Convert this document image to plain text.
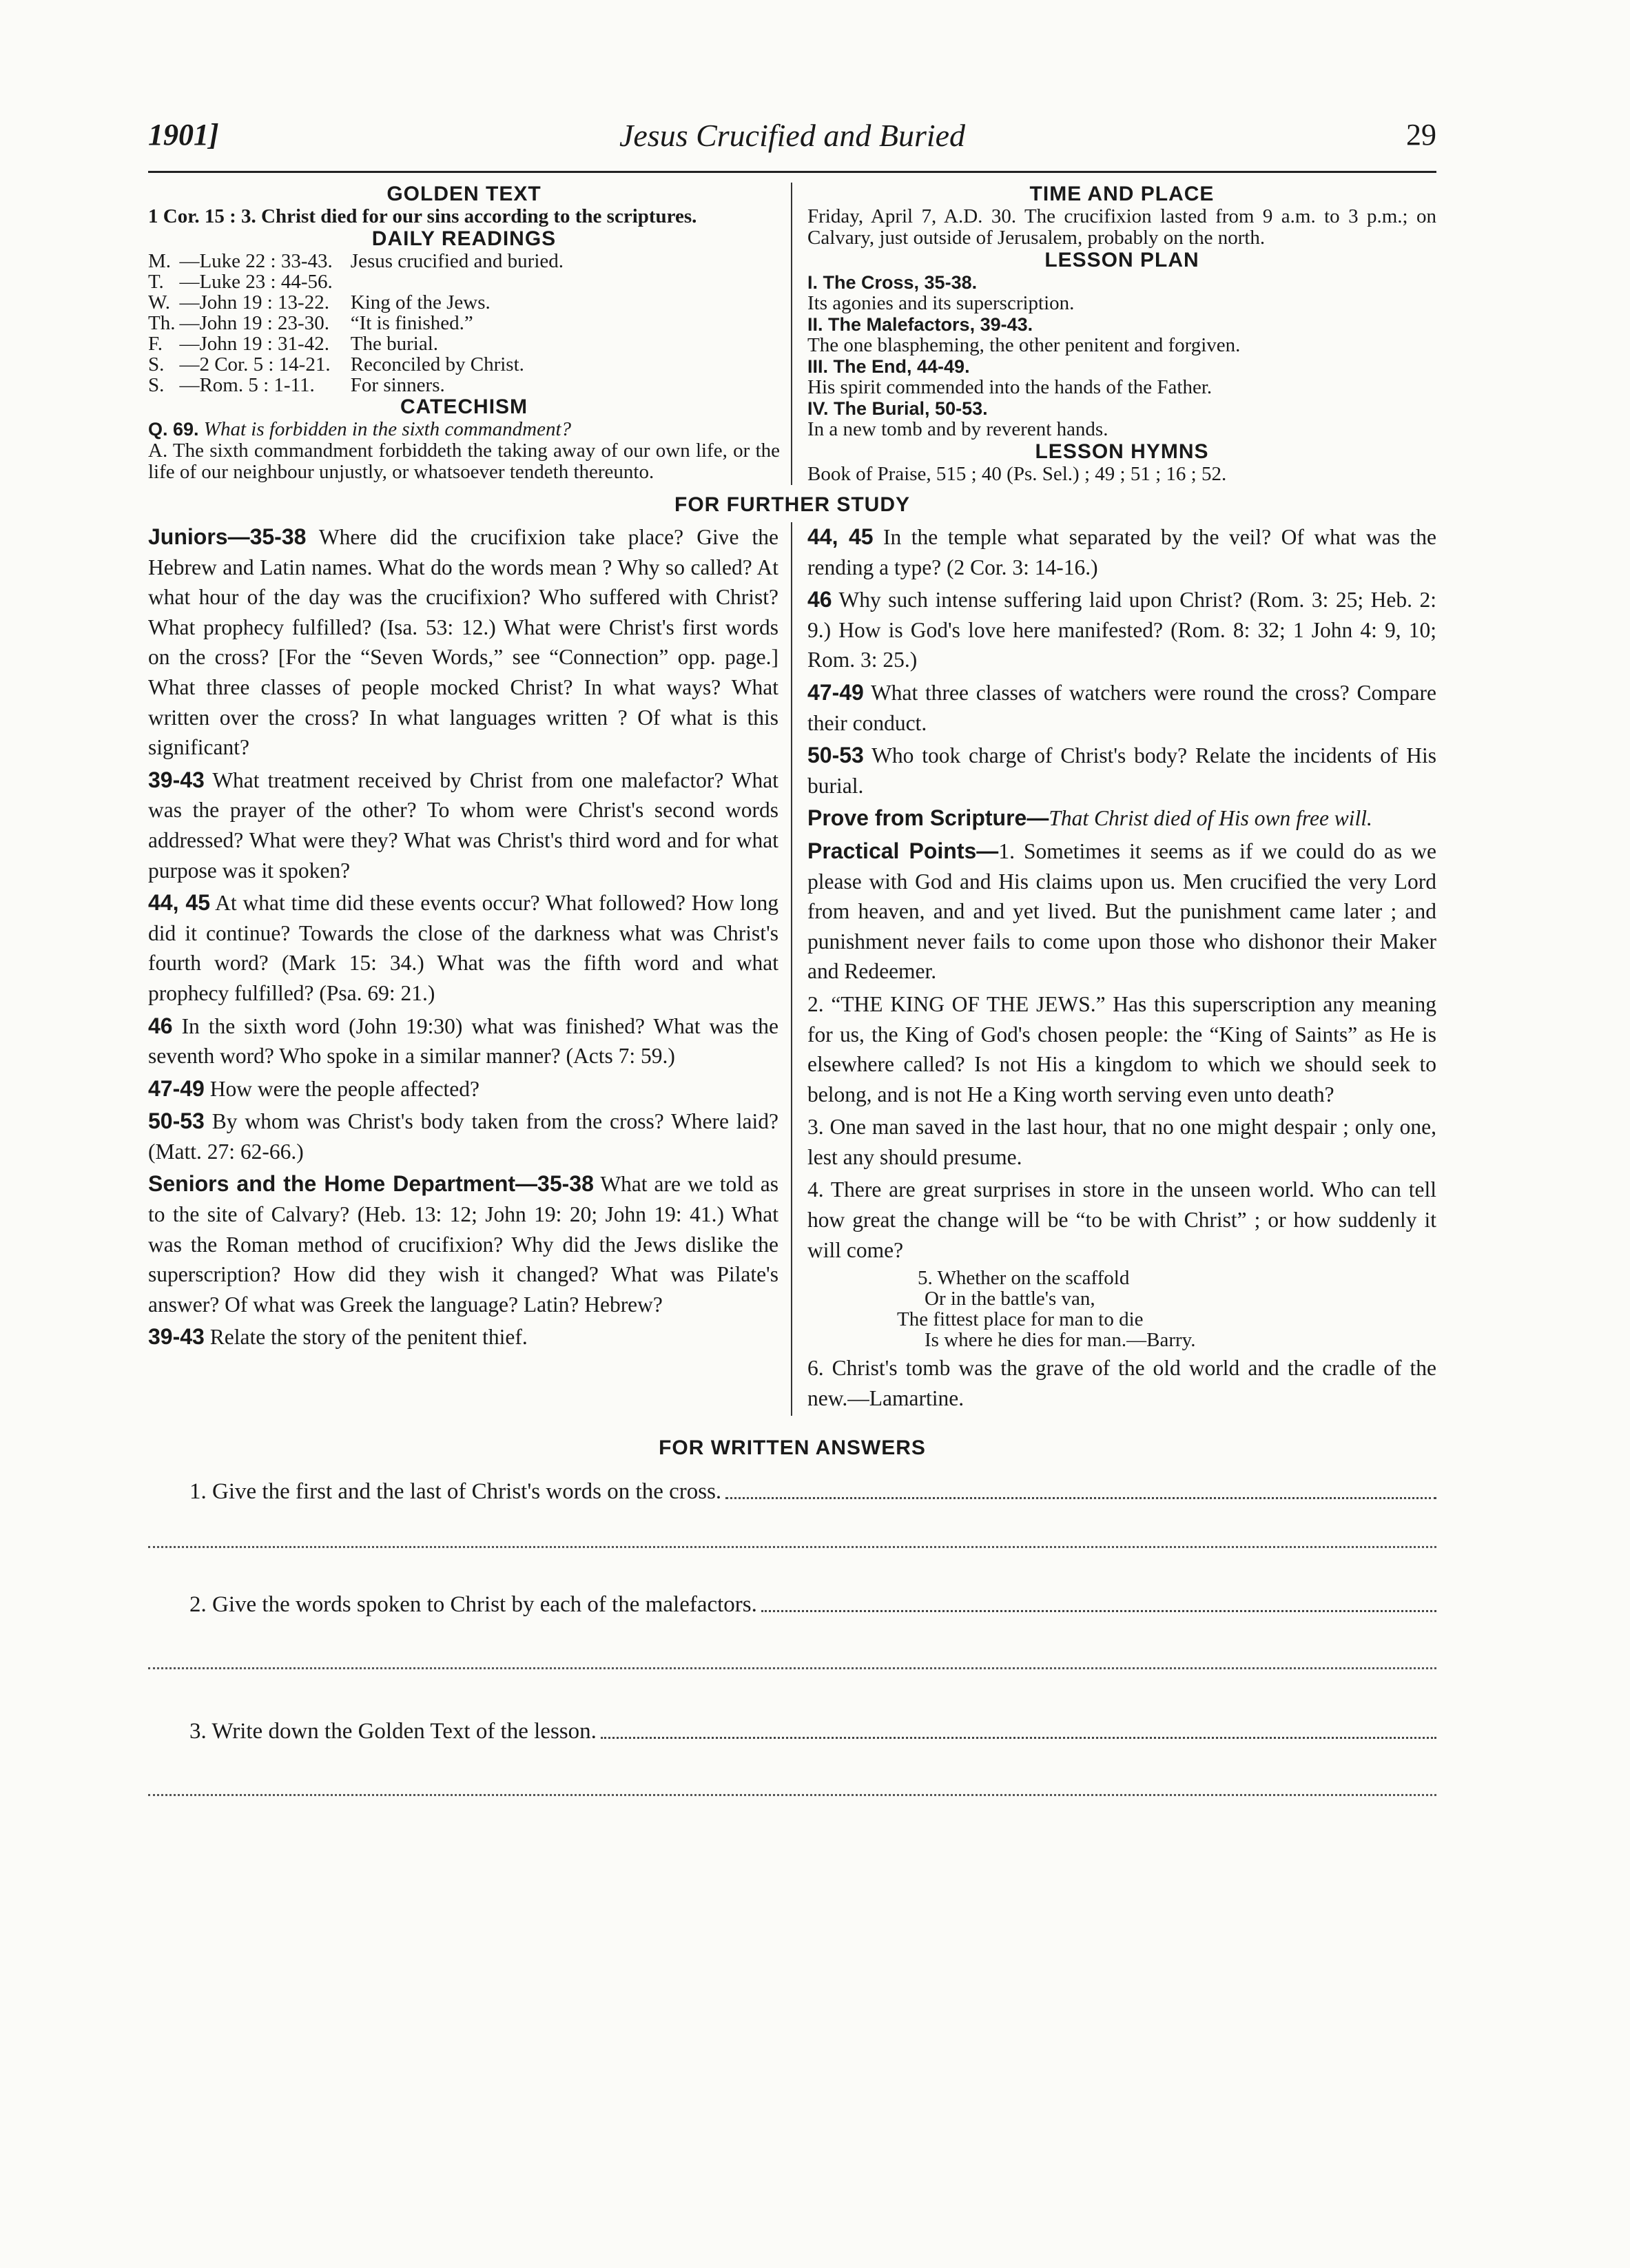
1901]	Jesus Crucified and Buried	29
GOLDEN TEXT
1 Cor. 15 : 3. Christ died for our sins according to the scriptures.
DAILY READINGS
M.	—Luke 22 : 33-43.	Jesus crucified and buried.
T.	—Luke 23 : 44-56.	
W.	—John 19 : 13-22.	King of the Jews.
Th.	—John 19 : 23-30.	“It is finished.”
F.	—John 19 : 31-42.	The burial.
S.	—2 Cor. 5 : 14-21.	Reconciled by Christ.
S.	—Rom. 5 : 1-11.	For sinners.
CATECHISM
Q. 69. What is forbidden in the sixth commandment?
A. The sixth commandment forbiddeth the taking away of our own life, or the life of our neighbour unjustly, or whatsoever tendeth thereunto.
TIME AND PLACE
Friday, April 7, A.D. 30. The crucifixion lasted from 9 a.m. to 3 p.m.; on Calvary, just outside of Jerusalem, probably on the north.
LESSON PLAN
I. The Cross, 35-38.
Its agonies and its superscription.
II. The Malefactors, 39-43.
The one blaspheming, the other penitent and forgiven.
III. The End, 44-49.
His spirit commended into the hands of the Father.
IV. The Burial, 50-53.
In a new tomb and by reverent hands.
LESSON HYMNS
Book of Praise, 515 ; 40 (Ps. Sel.) ; 49 ; 51 ; 16 ; 52.
FOR FURTHER STUDY

Juniors—35-38 Where did the crucifixion take place? Give the Hebrew and Latin names. What do the words mean ? Why so called? At what hour of the day was the crucifixion? Who suffered with Christ? What prophecy fulfilled? (Isa. 53: 12.) What were Christ's first words on the cross? [For the “Seven Words,” see “Connection” opp. page.] What three classes of people mocked Christ? In what ways? What written over the cross? In what languages written ? Of what is this significant?

39-43 What treatment received by Christ from one malefactor? What was the prayer of the other? To whom were Christ's second words addressed? What were they? What was Christ's third word and for what purpose was it spoken?

44, 45 At what time did these events occur? What followed? How long did it continue? Towards the close of the darkness what was Christ's fourth word? (Mark 15: 34.) What was the fifth word and what prophecy fulfilled? (Psa. 69: 21.)

46 In the sixth word (John 19:30) what was finished? What was the seventh word? Who spoke in a similar manner? (Acts 7: 59.)

47-49 How were the people affected?

50-53 By whom was Christ's body taken from the cross? Where laid? (Matt. 27: 62-66.)

Seniors and the Home Department—35-38 What are we told as to the site of Calvary? (Heb. 13: 12; John 19: 20; John 19: 41.) What was the Roman method of crucifixion? Why did the Jews dislike the superscription? How did they wish it changed? What was Pilate's answer? Of what was Greek the language? Latin? Hebrew?

39-43 Relate the story of the penitent thief.

44, 45 In the temple what separated by the veil? Of what was the rending a type? (2 Cor. 3: 14-16.)

46 Why such intense suffering laid upon Christ? (Rom. 3: 25; Heb. 2: 9.) How is God's love here manifested? (Rom. 8: 32; 1 John 4: 9, 10; Rom. 3: 25.)

47-49 What three classes of watchers were round the cross? Compare their conduct.

50-53 Who took charge of Christ's body? Relate the incidents of His burial.

Prove from Scripture—That Christ died of His own free will.

Practical Points—1. Sometimes it seems as if we could do as we please with God and His claims upon us. Men crucified the very Lord from heaven, and and yet lived. But the punishment came later ; and punishment never fails to come upon those who dishonor their Maker and Redeemer.

2. “THE KING OF THE JEWS.” Has this superscription any meaning for us, the King of God's chosen people: the “King of Saints” as He is elsewhere called? Is not His a kingdom to which we should seek to belong, and is not He a King worth serving even unto death?

3. One man saved in the last hour, that no one might despair ; only one, lest any should presume.

4. There are great surprises in store in the unseen world. Who can tell how great the change will be “to be with Christ” ; or how suddenly it will come?

5. Whether on the scaffold
Or in the battle's van,
The fittest place for man to die
Is where he dies for man.—Barry.

6. Christ's tomb was the grave of the old world and the cradle of the new.—Lamartine.

FOR WRITTEN ANSWERS

1. Give the first and the last of Christ's words on the cross.

2. Give the words spoken to Christ by each of the malefactors.

3. Write down the Golden Text of the lesson.
